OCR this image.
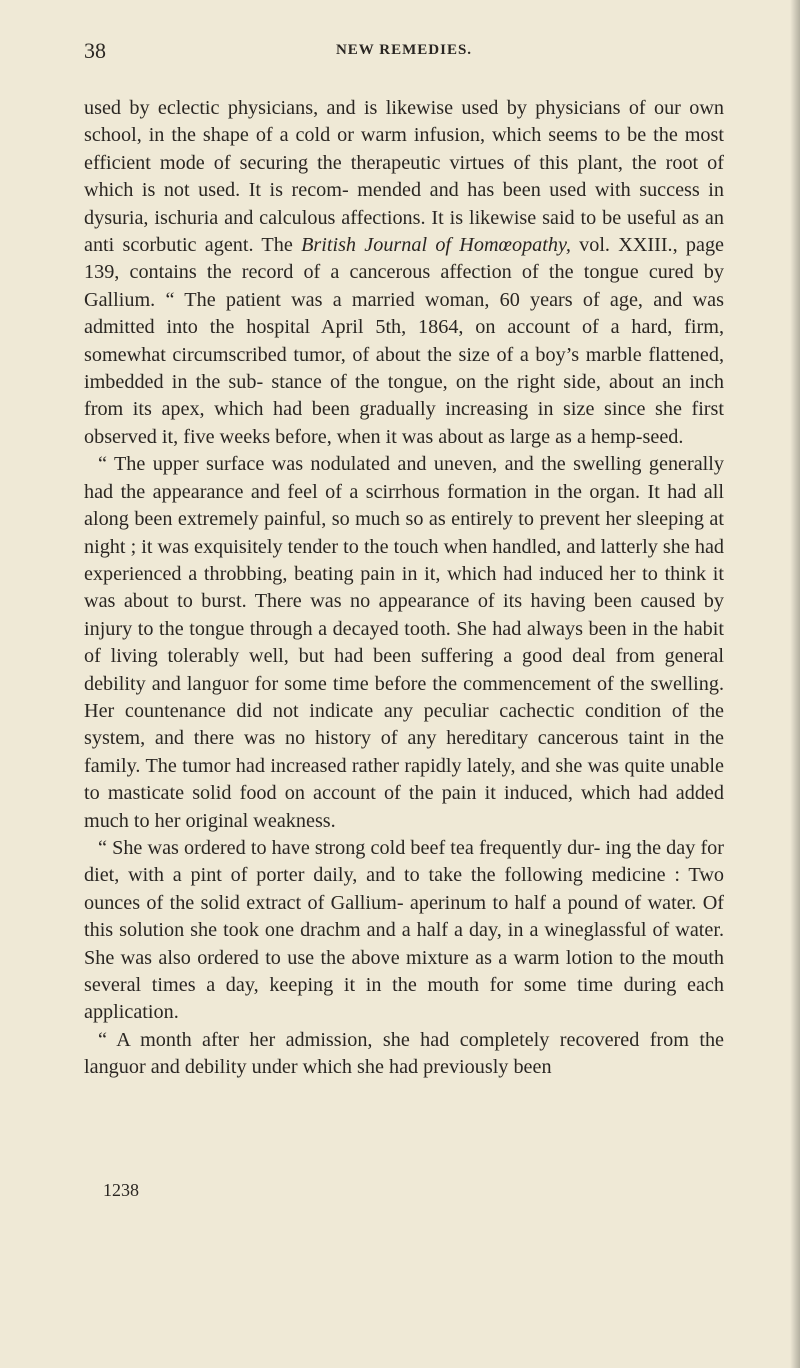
38	NEW REMEDIES.

used by eclectic physicians, and is likewise used by physicians of our own school, in the shape of a cold or warm infusion, which seems to be the most efficient mode of securing the therapeutic virtues of this plant, the root of which is not used. It is recom- mended and has been used with success in dysuria, ischuria and calculous affections. It is likewise said to be useful as an anti scorbutic agent. The British Journal of Homœopathy, vol. XXIII., page 139, contains the record of a cancerous affection of the tongue cured by Gallium. “ The patient was a married woman, 60 years of age, and was admitted into the hospital April 5th, 1864, on account of a hard, firm, somewhat circumscribed tumor, of about the size of a boy’s marble flattened, imbedded in the sub- stance of the tongue, on the right side, about an inch from its apex, which had been gradually increasing in size since she first observed it, five weeks before, when it was about as large as a hemp-seed.

“ The upper surface was nodulated and uneven, and the swelling generally had the appearance and feel of a scirrhous formation in the organ. It had all along been extremely painful, so much so as entirely to prevent her sleeping at night ; it was exquisitely tender to the touch when handled, and latterly she had experienced a throbbing, beating pain in it, which had induced her to think it was about to burst. There was no appearance of its having been caused by injury to the tongue through a decayed tooth. She had always been in the habit of living tolerably well, but had been suffering a good deal from general debility and languor for some time before the commencement of the swelling. Her countenance did not indicate any peculiar cachectic condition of the system, and there was no history of any hereditary cancerous taint in the family. The tumor had increased rather rapidly lately, and she was quite unable to masticate solid food on account of the pain it induced, which had added much to her original weakness.

“ She was ordered to have strong cold beef tea frequently dur- ing the day for diet, with a pint of porter daily, and to take the following medicine : Two ounces of the solid extract of Gallium- aperinum to half a pound of water. Of this solution she took one drachm and a half a day, in a wineglassful of water. She was also ordered to use the above mixture as a warm lotion to the mouth several times a day, keeping it in the mouth for some time during each application.

“ A month after her admission, she had completely recovered from the languor and debility under which she had previously been

1238
